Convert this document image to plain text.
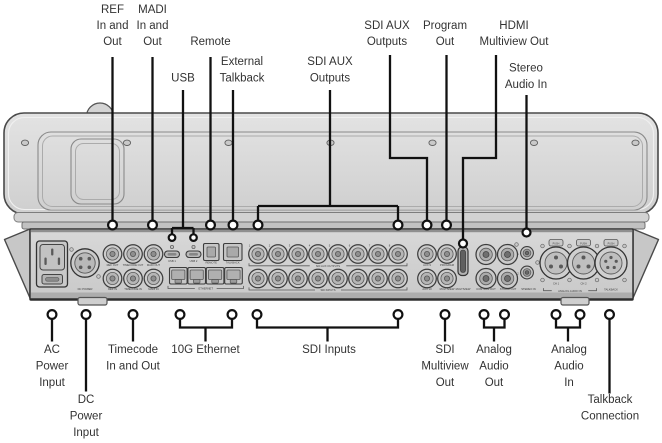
DC POWER
REF OUT TIMECODE OUT MADI OUT
REF IN	TIMECODE IN MADI IN
USB 1	USB 2	REMOTE	TALKBACK
ETHERNET
1	2	3	4	5	6	7	8
SDI AUX OUTPUTS
SDI INPUTS
AUX 9	PROGRAM
AUX 10	MULTIVIEW MULTIVIEW CONTROL OUT STUDIO OUT
1
2
STEREO IN
PUSH	PUSH	PUSH
CH 1	CH 2
ANALOG AUDIO IN	TALKBACK
REF
In and
Out
MADI
In and
Out Remote
USB
External
Talkback
SDI AUX
Outputs
SDI AUX
Outputs
Program
Out
HDMI
Multiview Out
Stereo
Audio In
AC
Power
Input
DC
Power
Input
Timecode
In and Out
10G Ethernet	SDI Inputs	SDI
Multiview
Out
Analog
Audio
Out
Analog
Audio
In
Talkback
Connection
